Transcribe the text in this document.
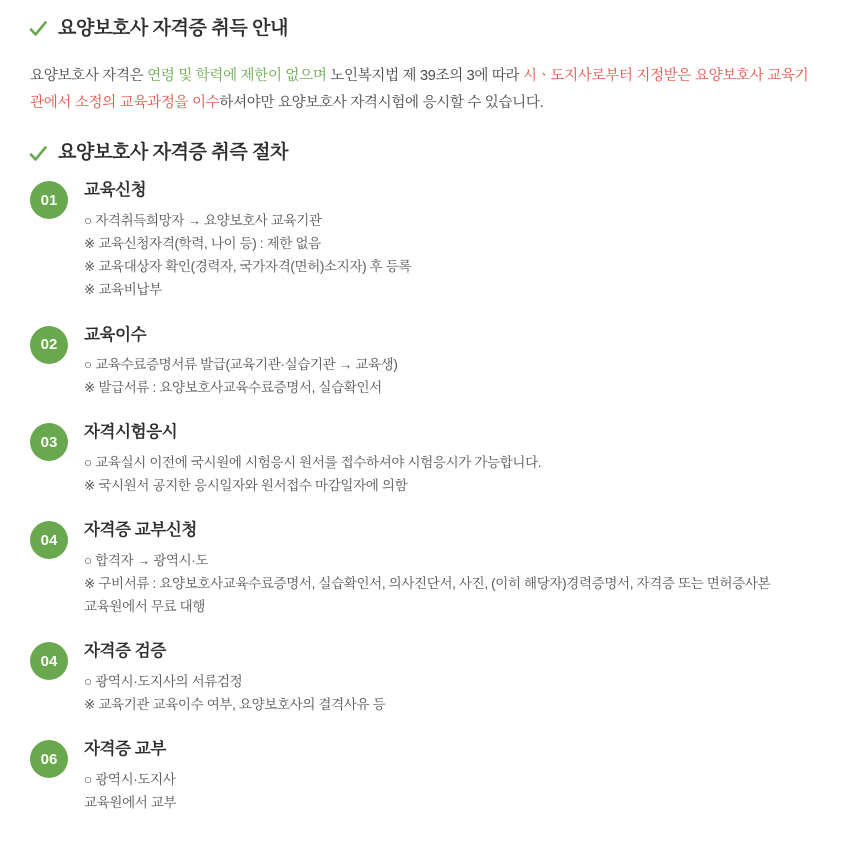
요양보호사 자격증 취득 안내

요양보호사 자격은 연령 및 학력에 제한이 없으며 노인복지법 제 39조의 3에 따라 시ㆍ도지사로부터 지정받은 요양보호사 교육기관에서 소정의 교육과정을 이수하셔야만 요양보호사 자격시험에 응시할 수 있습니다.

요양보호사 자격증 취즉 절차
01
교육신청
○ 자격취득희망자 → 요양보호사 교육기관
※ 교육신청자격(학력, 나이 등) : 제한 없음
※ 교육대상자 확인(경력자, 국가자격(면허)소지자) 후 등록
※ 교육비납부
02
교육이수
○ 교육수료증명서류 발급(교육기관·실습기관 → 교육생)
※ 발급서류 : 요양보호사교육수료증명서, 실습확인서
03
자격시험응시
○ 교육실시 이전에 국시원에 시험응시 원서를 접수하셔야 시험응시가 가능합니다.
※ 국시원서 공지한 응시일자와 원서접수 마감일자에 의함
04
자격증 교부신청
○ 합격자 → 광역시·도
※ 구비서류 : 요양보호사교육수료증명서, 실습확인서, 의사진단서, 사진, (이히 해당자)경력증명서, 자격증 또는 면허증사본
교육원에서 무료 대행
04
자격증 검증
○ 광역시·도지사의 서류검정
※ 교육기관 교육이수 여부, 요양보호사의 결격사유 등
06
자격증 교부
○ 광역시·도지사
교육원에서 교부
